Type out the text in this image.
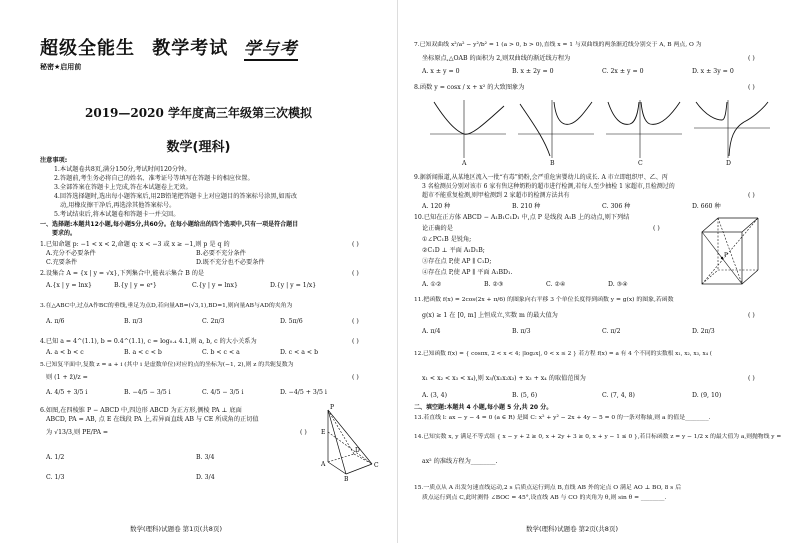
超级全能生 教学考试 学与考
秘密★启用前
2019—2020 学年度高三年级第三次模拟
数学(理科)
注意事项:
1.本试题卷共8页,满分150分,考试时间120分钟。
2.答题前,考生务必将自己的姓名、准考证号等填写在答题卡的相应位置。
3.全部答案在答题卡上完成,答在本试题卷上无效。
4.回答选择题时,选出每小题答案后,用2B铅笔把答题卡上对应题目的答案标号涂黑,如需改
动,用橡皮擦干净后,再选涂其他答案标号。
5.考试结束后,将本试题卷和答题卡一并交回。
一、选择题:本题共12小题,每小题5分,共60分。在每小题给出的四个选项中,只有一项是符合题目
要求的。
1.已知命题 p: −1 < x < 2,命题 q: x < −3 或 x ≥ −1,则 p 是 q 的	( )
A.充分不必要条件	B.必要不充分条件
C.充要条件	D.既不充分也不必要条件
2.设集合 A = {x | y = √x},下列集合中,能表示集合 B 的是	( )
A.{x | y = lnx}	B.{y | y = eˣ}	C.{y | y = lnx}	D.{y | y = 1/x}
3.在△ABC中,过点A作BC的垂线,垂足为点D,若向量AB=(√3,1),BD=1,则向量AB与AD的夹角为
A. π/6	B. π/3	C. 2π/3	D. 5π/6	( )
4.已知 a = 4^(1.1), b = 0.4^(1.1), c = log₀.₄ 4.1,则 a, b, c 的大小关系为	( )
A. a < b < c	B. a < c < b	C. b < c < a	D. c < a < b
5.已知复平面中,复数 z = a + i (其中 i 是虚数单位)对应的点的坐标为(−1, 2),则 z 的共轭复数为
则 (1 + z̄)/z =	( )
A. 4/5 + 3/5 i	B. −4/5 − 3/5 i	C. 4/5 − 3/5 i	D. −4/5 + 3/5 i
6.如图,在四棱锥 P − ABCD 中,四边形 ABCD 为正方形,侧棱 PA ⊥ 底面
ABCD, PA = AB, 点 E 在线段 PA 上,若异面直线 AB 与 CE 所成角的正切值
为 √13/3,则 PE/PA =	( )
A. 1/2	B. 3/4
C. 1/3	D. 3/4
P
E
A
B
C
D
数学(理科)试题卷 第1页(共8页)
7.已知双曲线 x²/a² − y²/b² = 1 (a > 0, b > 0),直线 x = 1 与双曲线的两条渐近线分别交于 A, B 两点, O 为
坐标原点,△OAB 的面积为 2,则双曲线的渐近线方程为	( )
A. x ± y = 0	B. x ± 2y = 0	C. 2x ± y = 0	D. x ± 3y = 0
8.函数 y = cosx / x + x² 的大致图象为	( )
A	B	C	D
9.据新闻报道,从某地区流入一批“有毒”奶粉,会严重危害婴幼儿的成长. A 市立即组织甲、乙、丙
3 名检测员分别对该市 6 家有售这种奶粉的超市进行检测,若每人至少抽检 1 家超市,且检测过的
超市不能重复检测,则甲检测到 2 家超市的检测方法共有	( )
A. 120 种	B. 210 种	C. 306 种	D. 660 种
10.已知在正方体 ABCD − A₁B₁C₁D₁ 中,点 P 是线段 A₁B 上的动点,则下列结
论正确的是	( )
①∠PC₁B 是锐角;
②C₁D ⊥ 平面 A₁D₁B;
③存在点 P,使 AP ∥ C₁D;
④存在点 P,使 AP ∥ 平面 A₁BD₁.
A. ①②	B. ②③	C. ②④	D. ③④
P
11.把函数 f(x) = 2cos(2x + π/6) 的图象向右平移 3 个单位长度得到函数 y = g(x) 的图象,若函数
g(x) ≥ 1 在 [0, m] 上恒成立,实数 m 的最大值为	( )
A. π/4	B. π/3	C. π/2	D. 2π/3
12.已知函数 f(x) = { cosπx, 2 < x < 4; |log₂x|, 0 < x ≤ 2 } 若方程 f(x) = a 有 4 个不同的实数根 x₁, x₂, x₃, x₄ (
x₁ < x₂ < x₃ < x₄),则 x₃/(x₁x₂x₃) + x₃ + x₄ 的取值范围为	( )
A. (3, 4)	B. (5, 6)	C. (7, 4, 8)	D. (9, 10)
二、填空题:本题共 4 小题,每小题 5 分,共 20 分。
13.若直线 l: ax − y − 4 = 0 (a ∈ R) 是圆 C: x² + y² − 2x + 4y − 5 = 0 的一条对称轴,则 a 的值是________.
14.已知实数 x, y 满足不等式组 { x − y + 2 ≥ 0, x + 2y + 3 ≥ 0, x + y − 1 ≤ 0 },若目标函数 z = y − 1/2 x 的最大值为 a,则抛物线 y =
ax² 的准线方程为________.
15.一质点从 A 出发匀速直线运动,2 s 后质点运行到点 B,直线 AB 外的定点 O 满足 AO ⊥ BO, 8 s 后
质点运行到点 C,此时测得 ∠BOC = 45°,设直线 AB 与 CO 的夹角为 θ,则 sin θ = ________.
数学(理科)试题卷 第2页(共8页)
